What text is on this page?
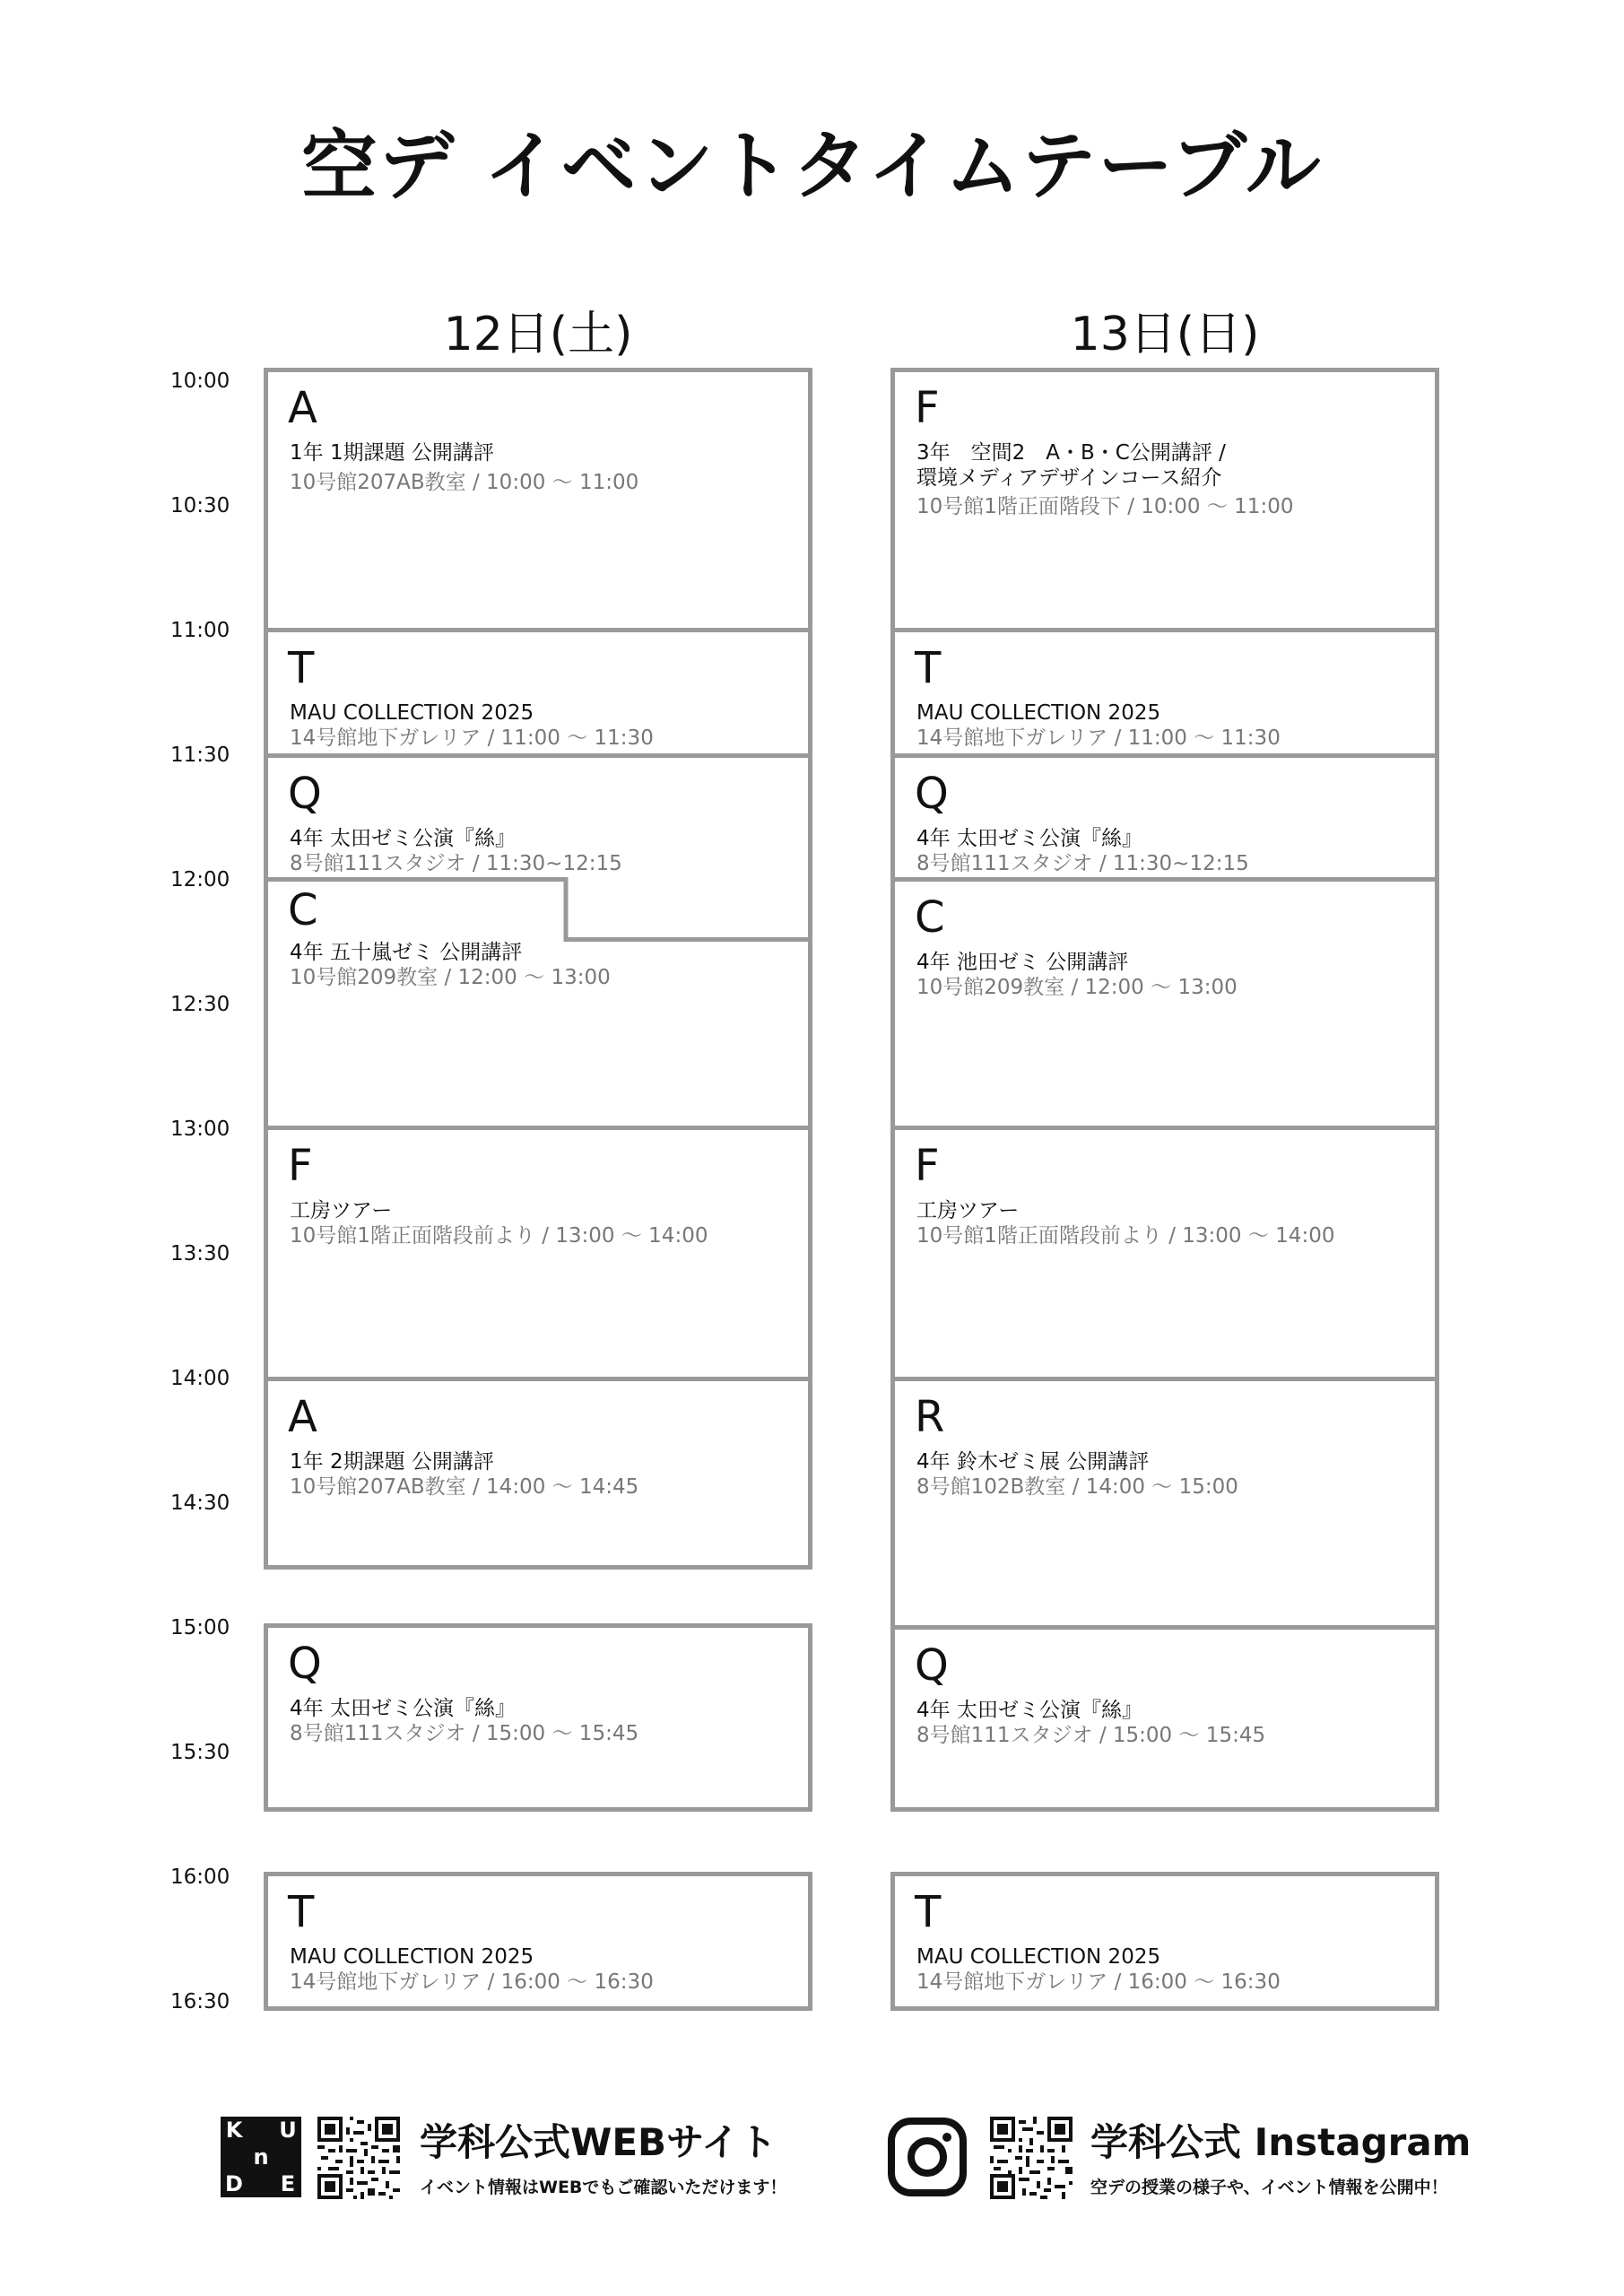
空デ イベントタイムテーブル
12日(土)	13日(日)
10:00
10:30
11:00
11:30
12:00
12:30
13:00
13:30
14:00
14:30
15:00
15:30
16:00
16:30
A
1年 1期課題 公開講評
10号館207AB教室 / 10:00 〜 11:00
T
MAU COLLECTION 2025
14号館地下ガレリア / 11:00 〜 11:30
Q
4年 太田ゼミ公演『絲』
8号館111スタジオ / 11:30~12:15
C
4年 五十嵐ゼミ 公開講評
10号館209教室 / 12:00 〜 13:00
F
工房ツアー
10号館1階正面階段前より / 13:00 〜 14:00
A
1年 2期課題 公開講評
10号館207AB教室 / 14:00 〜 14:45
Q
4年 太田ゼミ公演『絲』
8号館111スタジオ / 15:00 〜 15:45
T
MAU COLLECTION 2025
14号館地下ガレリア / 16:00 〜 16:30
F
3年　空間2　A・B・C公開講評 /
環境メディアデザインコース紹介
10号館1階正面階段下 / 10:00 〜 11:00
T
MAU COLLECTION 2025
14号館地下ガレリア / 11:00 〜 11:30
Q
4年 太田ゼミ公演『絲』
8号館111スタジオ / 11:30~12:15
C
4年 池田ゼミ 公開講評
10号館209教室 / 12:00 〜 13:00
F
工房ツアー
10号館1階正面階段前より / 13:00 〜 14:00
R
4年 鈴木ゼミ展 公開講評
8号館102B教室 / 14:00 〜 15:00
Q
4年 太田ゼミ公演『絲』
8号館111スタジオ / 15:00 〜 15:45
T
MAU COLLECTION 2025
14号館地下ガレリア / 16:00 〜 16:30
K U
n
D E
学科公式WEBサイト
イベント情報はWEBでもご確認いただけます！
学科公式 Instagram
空デの授業の様子や、イベント情報を公開中！
